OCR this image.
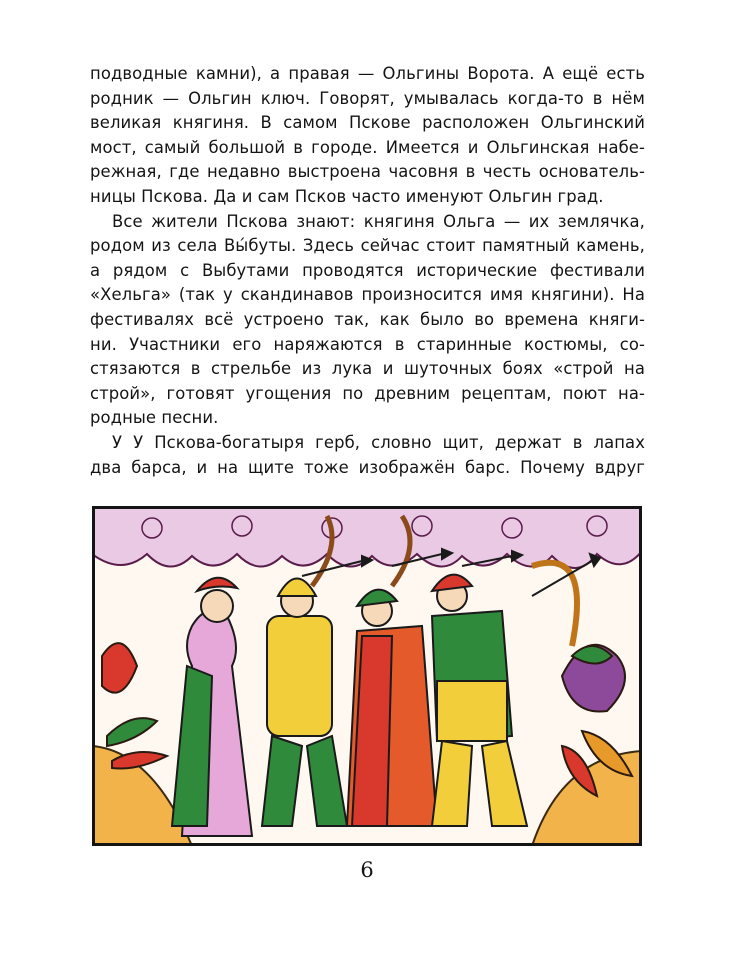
подводные камни), а правая — Ольгины Ворота. А ещё есть
родник — Ольгин ключ. Говорят, умывалась когда-то в нём
великая княгиня. В самом Пскове расположен Ольгинский
мост, самый большой в городе. Имеется и Ольгинская набе-
режная, где недавно выстроена часовня в честь основатель-

ницы Пскова. Да и сам Псков часто именуют Ольгин град.

Все жители Пскова знают: княгиня Ольга — их землячка,
родом из села Вы́буты. Здесь сейчас стоит памятный камень,
а рядом с Выбутами проводятся исторические фестивали
«Хельга» (так у скандинавов произносится имя княгини). На
фестивалях всё устроено так, как было во времена княги-
ни. Участники его наряжаются в старинные костюмы, со-
стязаются в стрельбе из лука и шуточных боях «строй на
строй», готовят угощения по древним рецептам, поют на-

родные песни.

У У Пскова-богатыря герб, словно щит, держат в лапах
два барса, и на щите тоже изображён барс. Почему вдруг

6
